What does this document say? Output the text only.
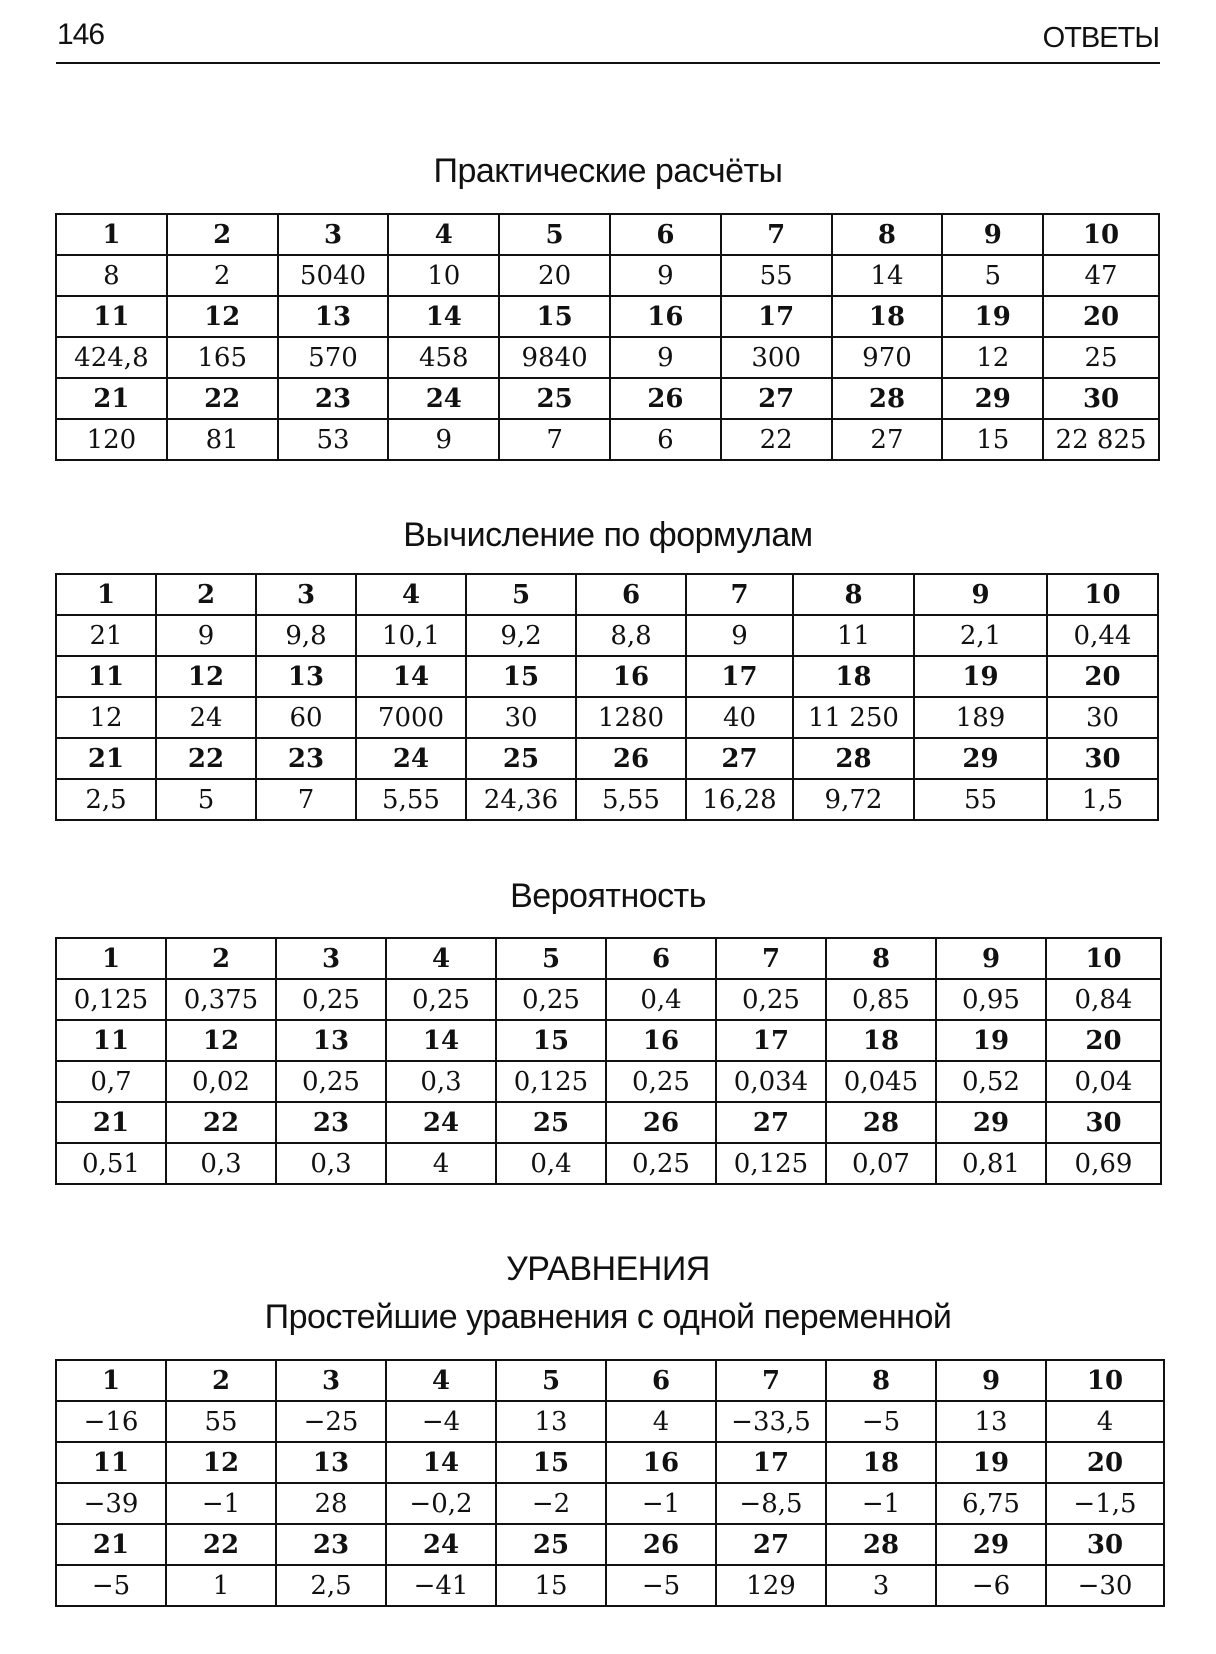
146	ОТВЕТЫ
Практические расчёты
1	2	3	4	5	6	7	8	9	10
8	2	5040	10	20	9	55	14	5	47
11	12	13	14	15	16	17	18	19	20
424,8	165	570	458	9840	9	300	970	12	25
21	22	23	24	25	26	27	28	29	30
120	81	53	9	7	6	22	27	15	22 825
Вычисление по формулам
1	2	3	4	5	6	7	8	9	10
21	9	9,8	10,1	9,2	8,8	9	11	2,1	0,44
11	12	13	14	15	16	17	18	19	20
12	24	60	7000	30	1280	40	11 250	189	30
21	22	23	24	25	26	27	28	29	30
2,5	5	7	5,55	24,36	5,55	16,28	9,72	55	1,5
Вероятность
1	2	3	4	5	6	7	8	9	10
0,125	0,375	0,25	0,25	0,25	0,4	0,25	0,85	0,95	0,84
11	12	13	14	15	16	17	18	19	20
0,7	0,02	0,25	0,3	0,125	0,25	0,034	0,045	0,52	0,04
21	22	23	24	25	26	27	28	29	30
0,51	0,3	0,3	4	0,4	0,25	0,125	0,07	0,81	0,69
УРАВНЕНИЯ
Простейшие уравнения с одной переменной
1	2	3	4	5	6	7	8	9	10
−16	55	−25	−4	13	4	−33,5	−5	13	4
11	12	13	14	15	16	17	18	19	20
−39	−1	28	−0,2	−2	−1	−8,5	−1	6,75	−1,5
21	22	23	24	25	26	27	28	29	30
−5	1	2,5	−41	15	−5	129	3	−6	−30
